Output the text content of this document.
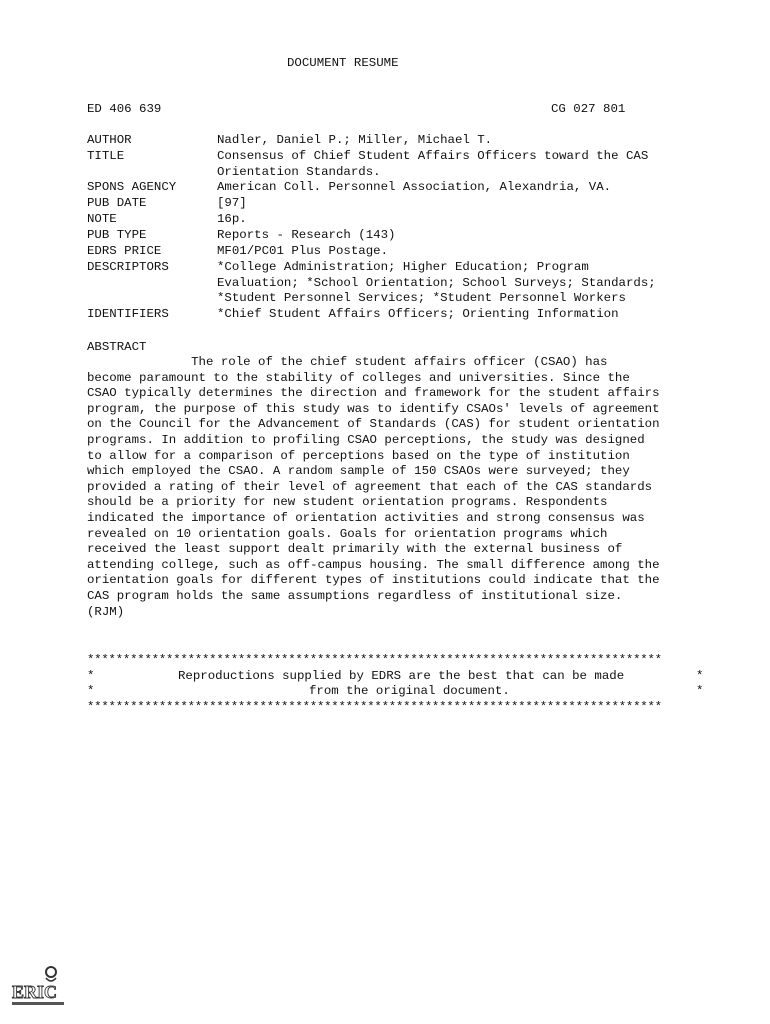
DOCUMENT RESUME
ED 406 639	CG 027 801
AUTHOR	Nadler, Daniel P.; Miller, Michael T.
TITLE	Consensus of Chief Student Affairs Officers toward the CAS
Orientation Standards.
SPONS AGENCY	American Coll. Personnel Association, Alexandria, VA.
PUB DATE	[97]
NOTE	16p.
PUB TYPE	Reports - Research (143)
EDRS PRICE	MF01/PC01 Plus Postage.
DESCRIPTORS	*College Administration; Higher Education; Program
Evaluation; *School Orientation; School Surveys; Standards;
*Student Personnel Services; *Student Personnel Workers
IDENTIFIERS	*Chief Student Affairs Officers; Orienting Information
ABSTRACT
The role of the chief student affairs officer (CSAO) has
become paramount to the stability of colleges and universities. Since the
CSAO typically determines the direction and framework for the student affairs
program, the purpose of this study was to identify CSAOs' levels of agreement
on the Council for the Advancement of Standards (CAS) for student orientation
programs. In addition to profiling CSAO perceptions, the study was designed
to allow for a comparison of perceptions based on the type of institution
which employed the CSAO. A random sample of 150 CSAOs were surveyed; they
provided a rating of their level of agreement that each of the CAS standards
should be a priority for new student orientation programs. Respondents
indicated the importance of orientation activities and strong consensus was
revealed on 10 orientation goals. Goals for orientation programs which
received the least support dealt primarily with the external business of
attending college, such as off-campus housing. The small difference among the
orientation goals for different types of institutions could indicate that the
CAS program holds the same assumptions regardless of institutional size.
(RJM)
********************************************************************************
*	Reproductions supplied by EDRS are the best that can be made	*
*	from the original document.	*
********************************************************************************
ERIC
